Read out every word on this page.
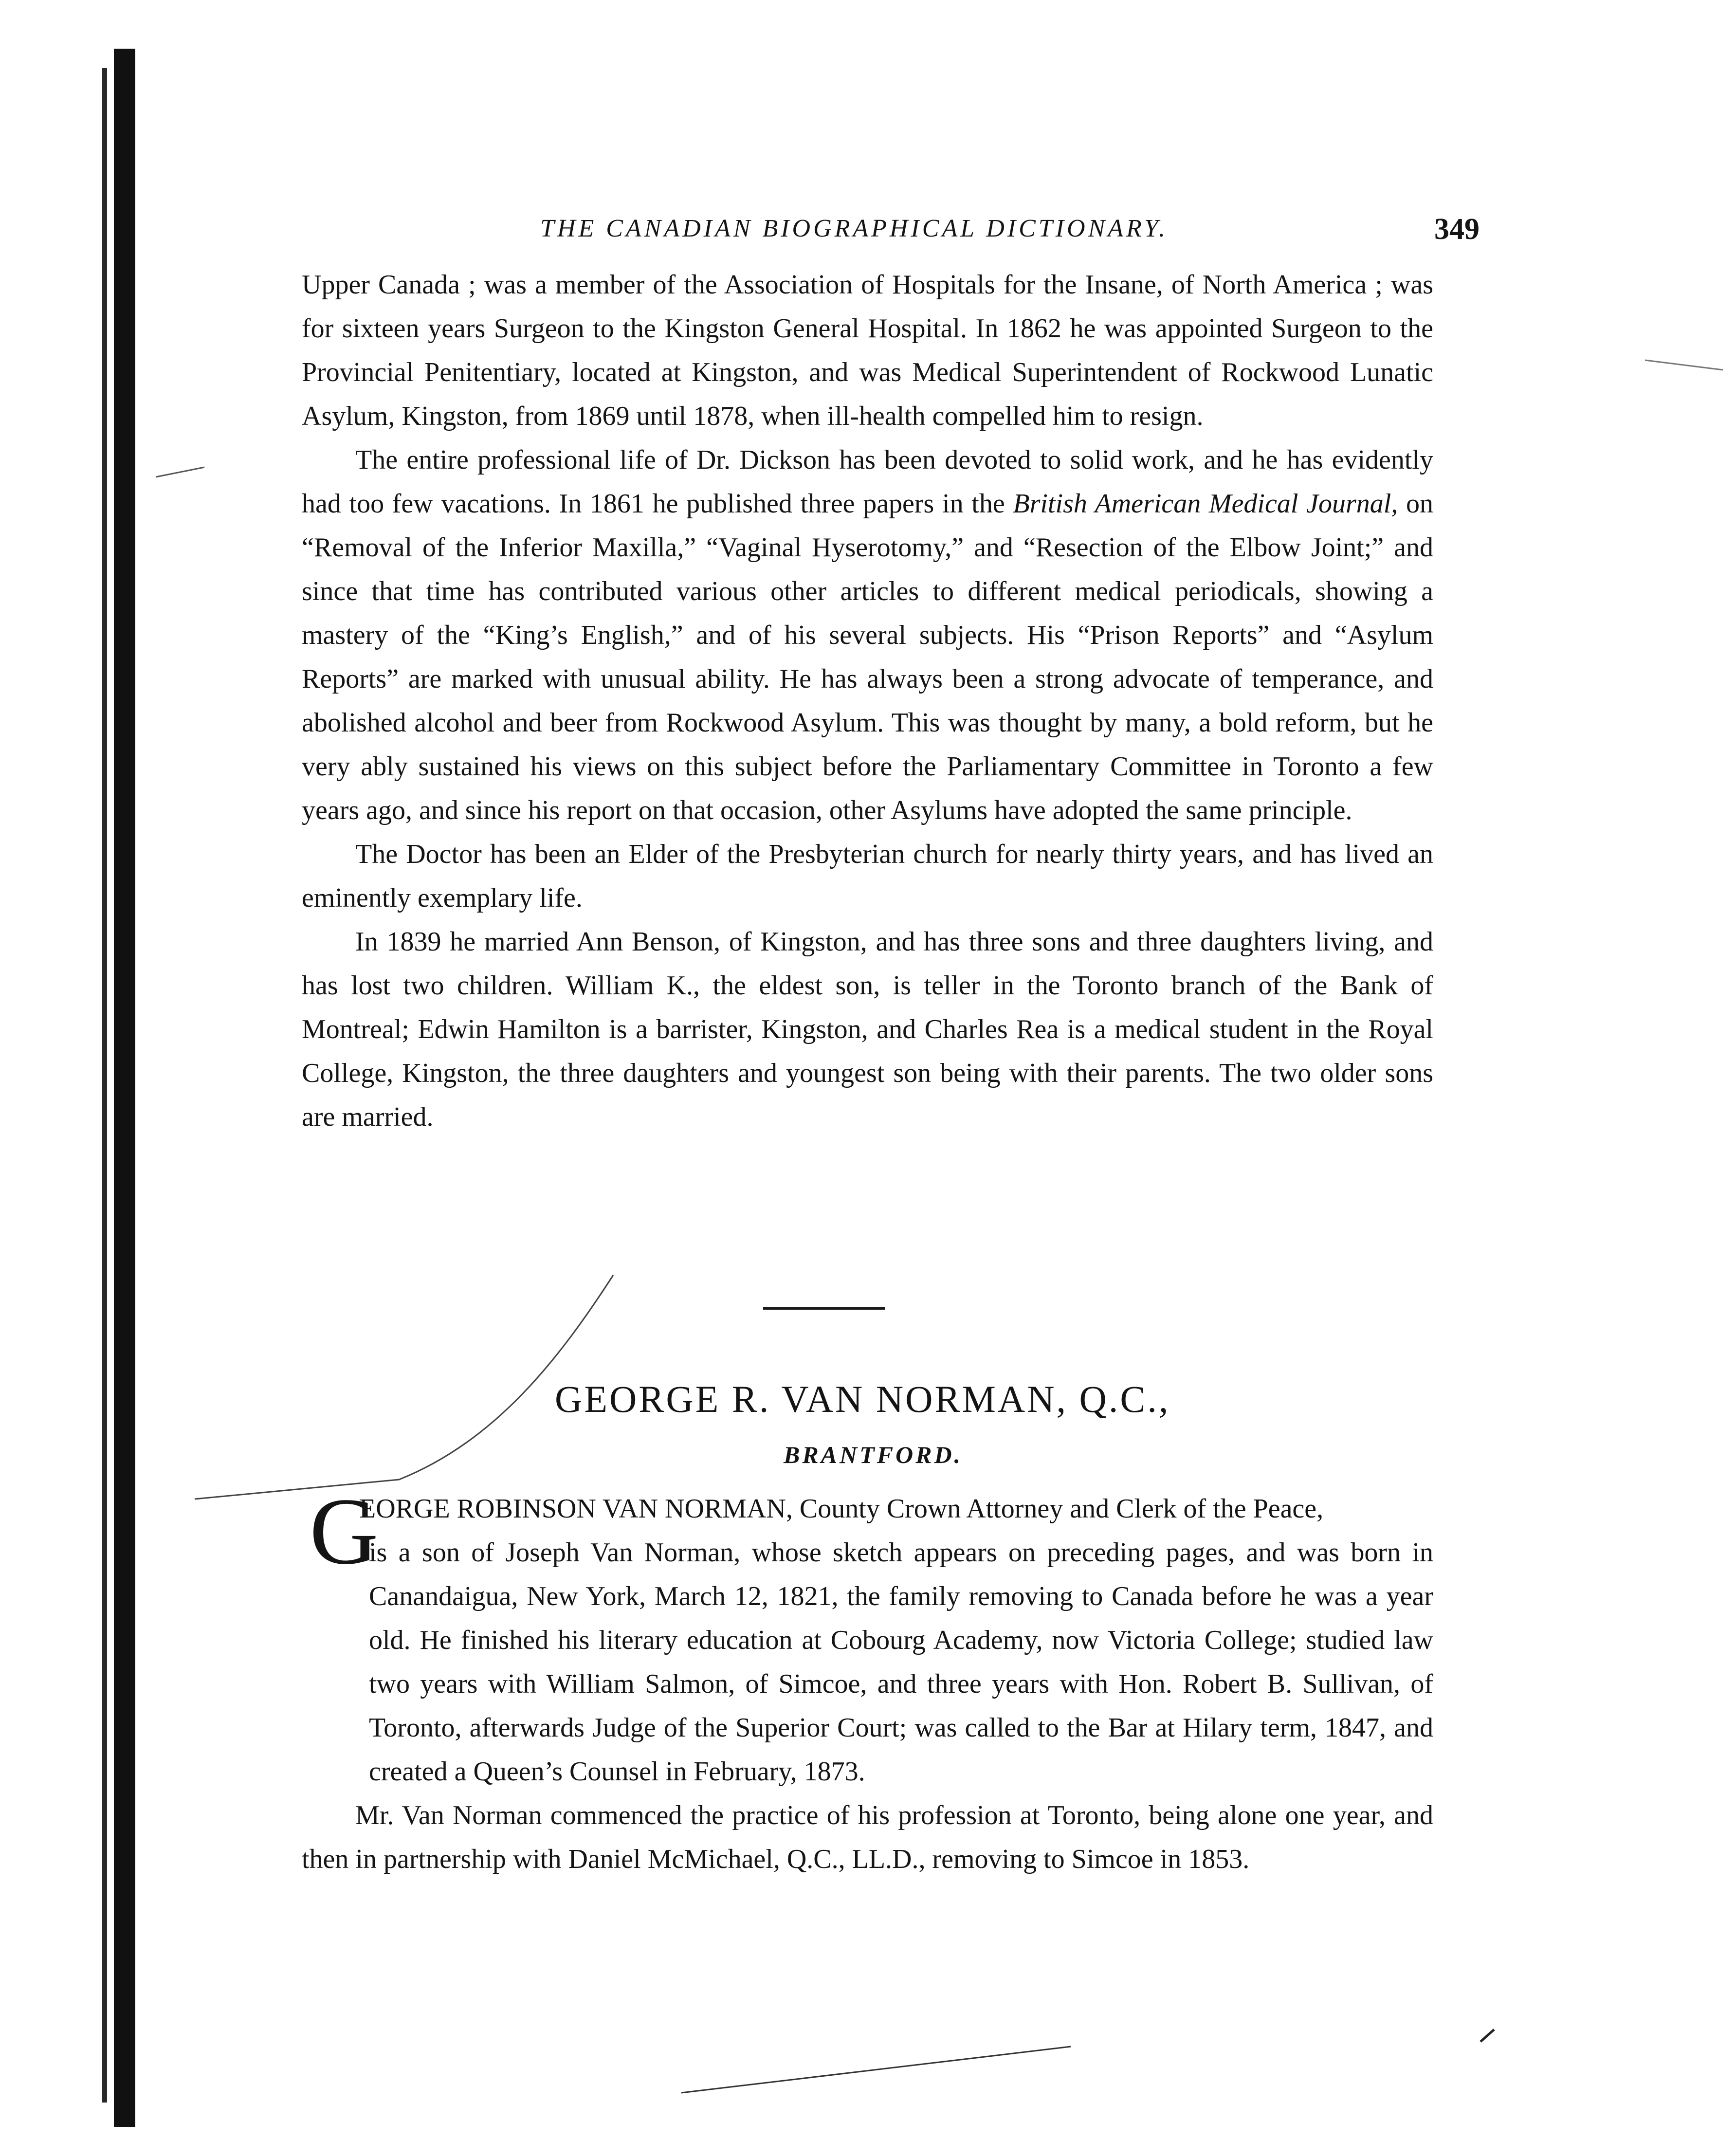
THE CANADIAN BIOGRAPHICAL DICTIONARY.	349

Upper Canada ; was a member of the Association of Hospitals for the Insane, of North America ; was for sixteen years Surgeon to the Kingston General Hospital. In 1862 he was appointed Surgeon to the Provincial Penitentiary, located at Kingston, and was Medical Superintendent of Rockwood Lunatic Asylum, Kingston, from 1869 until 1878, when ill-health compelled him to resign.

The entire professional life of Dr. Dickson has been devoted to solid work, and he has evidently had too few vacations. In 1861 he published three papers in the British American Medical Journal, on “Removal of the Inferior Maxilla,” “Vaginal Hyserotomy,” and “Resection of the Elbow Joint;” and since that time has contributed various other articles to different medical periodicals, showing a mastery of the “King’s English,” and of his several subjects. His “Prison Reports” and “Asylum Reports” are marked with unusual ability. He has always been a strong advocate of temperance, and abolished alcohol and beer from Rockwood Asylum. This was thought by many, a bold reform, but he very ably sustained his views on this subject before the Parliamentary Committee in Toronto a few years ago, and since his report on that occasion, other Asylums have adopted the same principle.

The Doctor has been an Elder of the Presbyterian church for nearly thirty years, and has lived an eminently exemplary life.

In 1839 he married Ann Benson, of Kingston, and has three sons and three daughters living, and has lost two children. William K., the eldest son, is teller in the Toronto branch of the Bank of Montreal; Edwin Hamilton is a barrister, Kingston, and Charles Rea is a medical student in the Royal College, Kingston, the three daughters and youngest son being with their parents. The two older sons are married.

GEORGE R. VAN NORMAN, Q.C.,
BRANTFORD.
G
EORGE ROBINSON VAN NORMAN, County Crown Attorney and Clerk of the Peace,

is a son of Joseph Van Norman, whose sketch appears on preceding pages, and was born in Canandaigua, New York, March 12, 1821, the family removing to Canada before he was a year old. He finished his literary education at Cobourg Academy, now Victoria College; studied law two years with William Salmon, of Simcoe, and three years with Hon. Robert B. Sullivan, of Toronto, afterwards Judge of the Superior Court; was called to the Bar at Hilary term, 1847, and created a Queen’s Counsel in February, 1873.

Mr. Van Norman commenced the practice of his profession at Toronto, being alone one year, and then in partnership with Daniel McMichael, Q.C., LL.D., removing to Simcoe in 1853.
